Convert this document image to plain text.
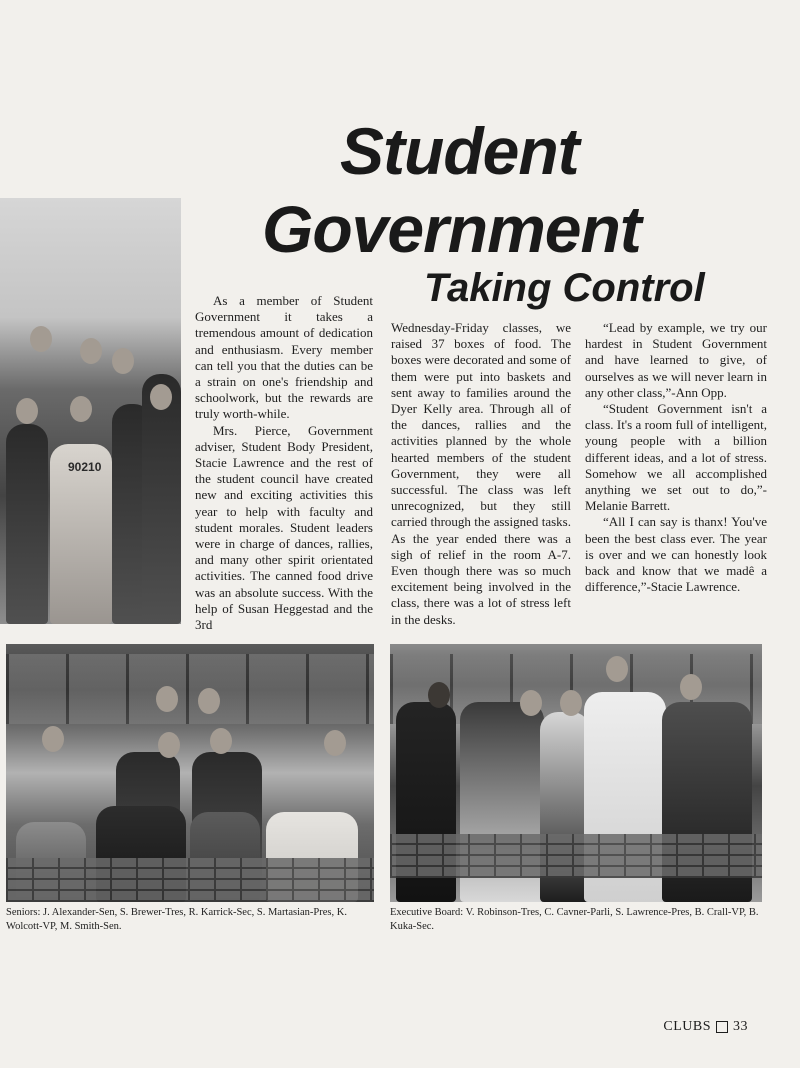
Student
Government
Taking Control
90210

As a member of Student Government it takes a tremendous amount of dedication and enthusiasm. Every member can tell you that the duties can be a strain on one's friendship and schoolwork, but the rewards are truly worth-while.

Mrs. Pierce, Government adviser, Student Body President, Stacie Lawrence and the rest of the student council have created new and exciting activities this year to help with faculty and student morales. Student leaders were in charge of dances, rallies, and many other spirit orientated activities. The canned food drive was an absolute success. With the help of Susan Heggestad and the 3rd

Wednesday-Friday classes, we raised 37 boxes of food. The boxes were decorated and some of them were put into baskets and sent away to families around the Dyer Kelly area. Through all of the dances, rallies and the activities planned by the whole hearted members of the student Government, they were all successful. The class was left unrecognized, but they still carried through the assigned tasks. As the year ended there was a sigh of relief in the room A-7. Even though there was so much excitement being involved in the class, there was a lot of stress left in the desks.

“Lead by example, we try our hardest in Student Government and have learned to give, of ourselves as we will never learn in any other class,”-Ann Opp.

“Student Government isn't a class. It's a room full of intelligent, young people with a billion different ideas, and a lot of stress. Somehow we all accomplished anything we set out to do,”-Melanie Barrett.

“All I can say is thanx! You've been the best class ever. The year is over and we can honestly look back and know that we madê a difference,”-Stacie Lawrence.

Seniors: J. Alexander-Sen, S. Brewer-Tres, R. Karrick-Sec, S. Martasian-Pres, K. Wolcott-VP, M. Smith-Sen.

Executive Board: V. Robinson-Tres, C. Cavner-Parli, S. Lawrence-Pres, B. Crall-VP, B. Kuka-Sec.

CLUBS 33
